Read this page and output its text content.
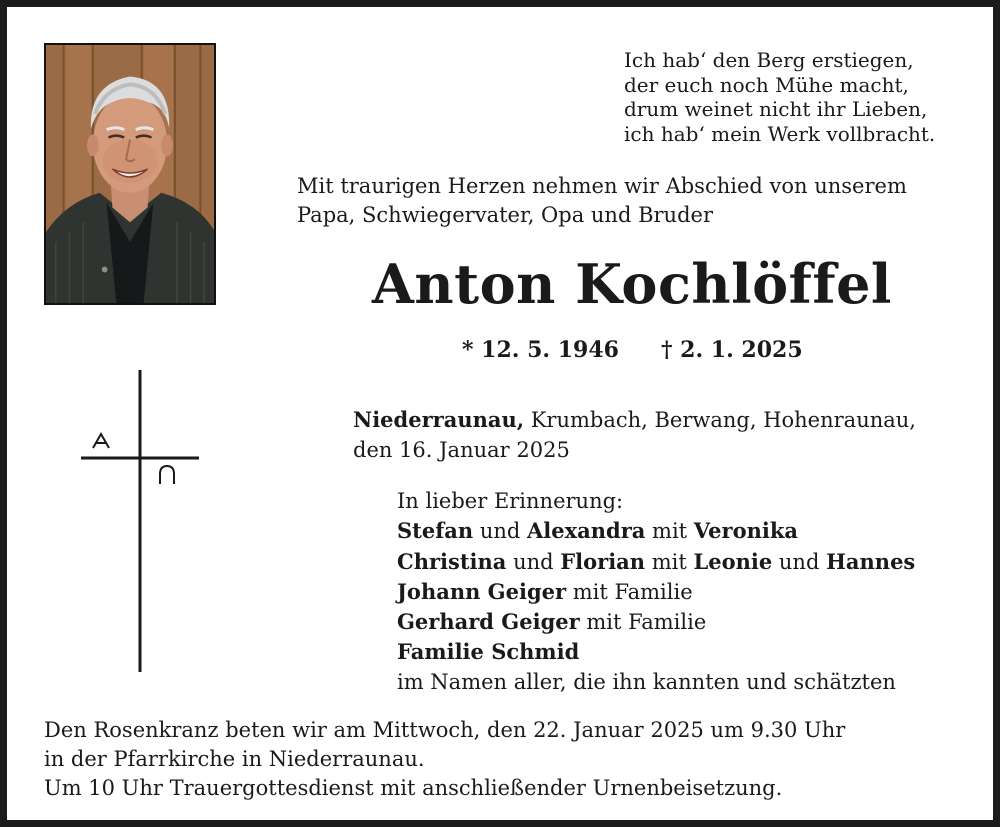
Ich hab‘ den Berg erstiegen,
der euch noch Mühe macht,
drum weinet nicht ihr Lieben,
ich hab‘ mein Werk vollbracht.
Mit traurigen Herzen nehmen wir Abschied von unserem
Papa, Schwiegervater, Opa und Bruder
Anton Kochlöffel
* 12. 5. 1946 † 2. 1. 2025
Niederraunau, Krumbach, Berwang, Hohenraunau,
den 16. Januar 2025
In lieber Erinnerung:
Stefan und Alexandra mit Veronika
Christina und Florian mit Leonie und Hannes
Johann Geiger mit Familie
Gerhard Geiger mit Familie
Familie Schmid
im Namen aller, die ihn kannten und schätzten
Den Rosenkranz beten wir am Mittwoch, den 22. Januar 2025 um 9.30 Uhr
in der Pfarrkirche in Niederraunau.
Um 10 Uhr Trauergottesdienst mit anschließender Urnenbeisetzung.
